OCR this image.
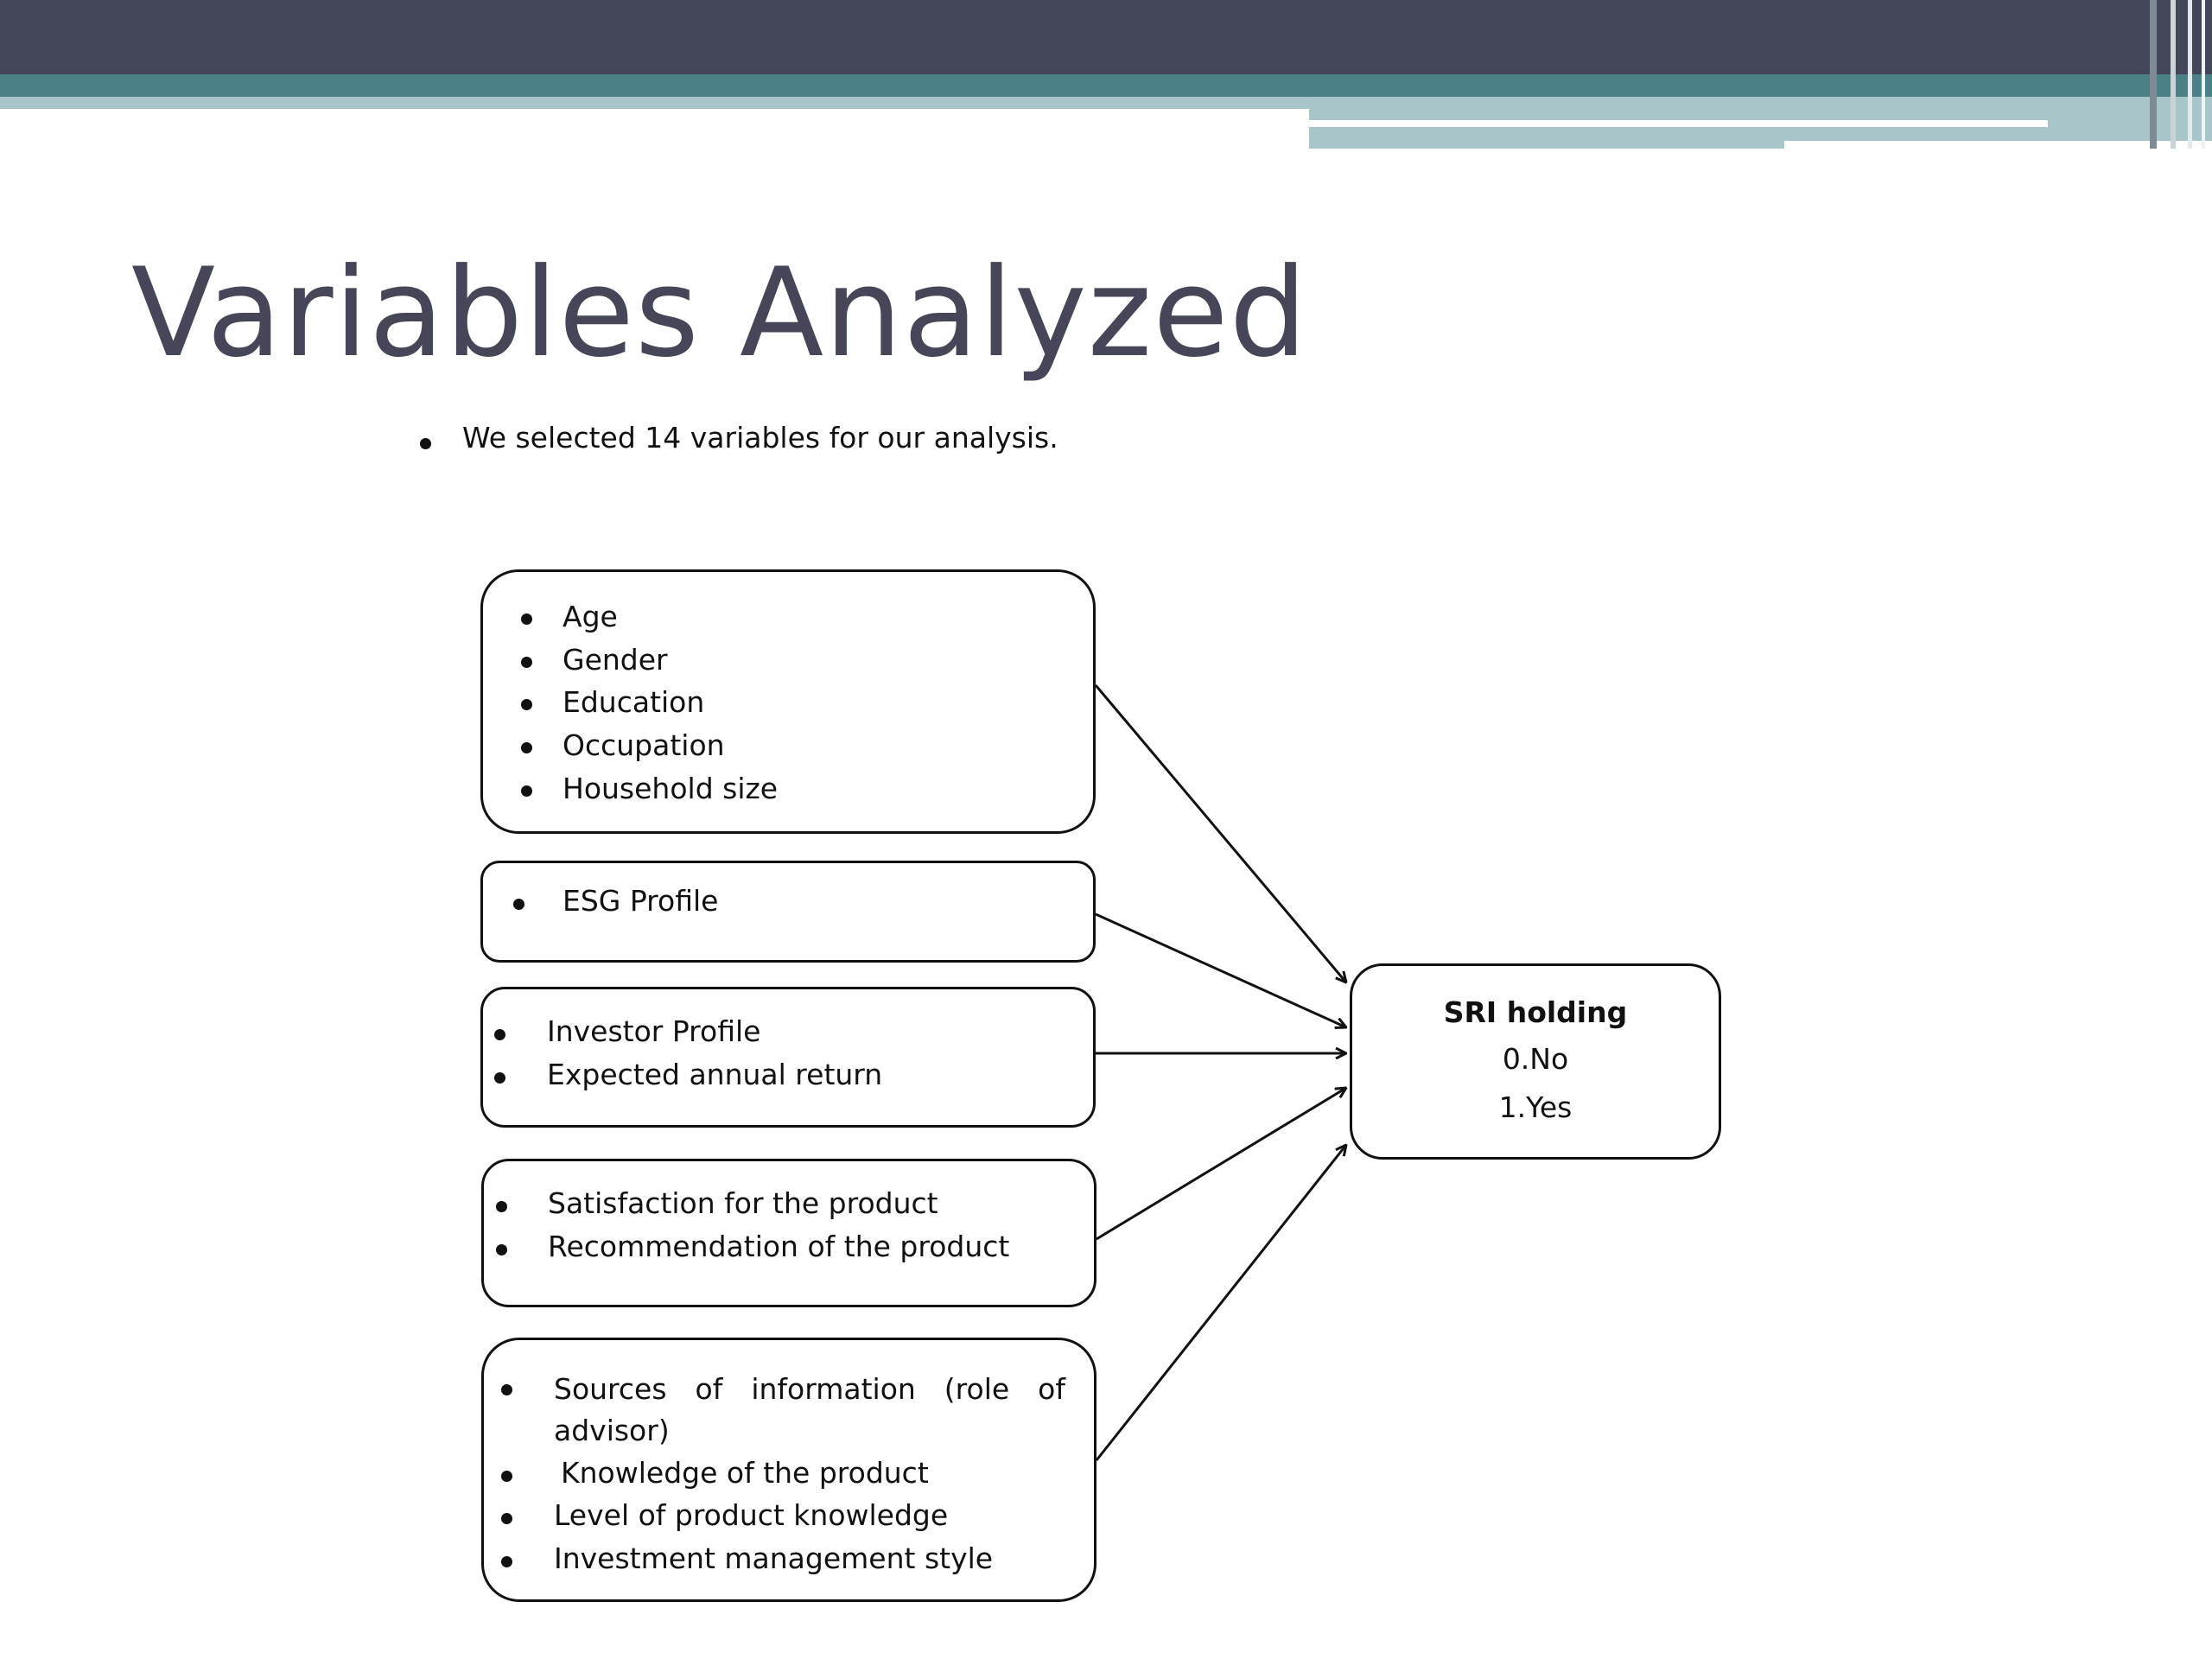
Variables Analyzed
We selected 14 variables for our analysis.
Age
Gender
Education
Occupation
Household size
ESG Profile
Investor Profile
Expected annual return
Satisfaction for the product
Recommendation of the product
Sources of information (role of advisor)
Knowledge of the product
Level of product knowledge
Investment management style
SRI holding
0.No
1.Yes
